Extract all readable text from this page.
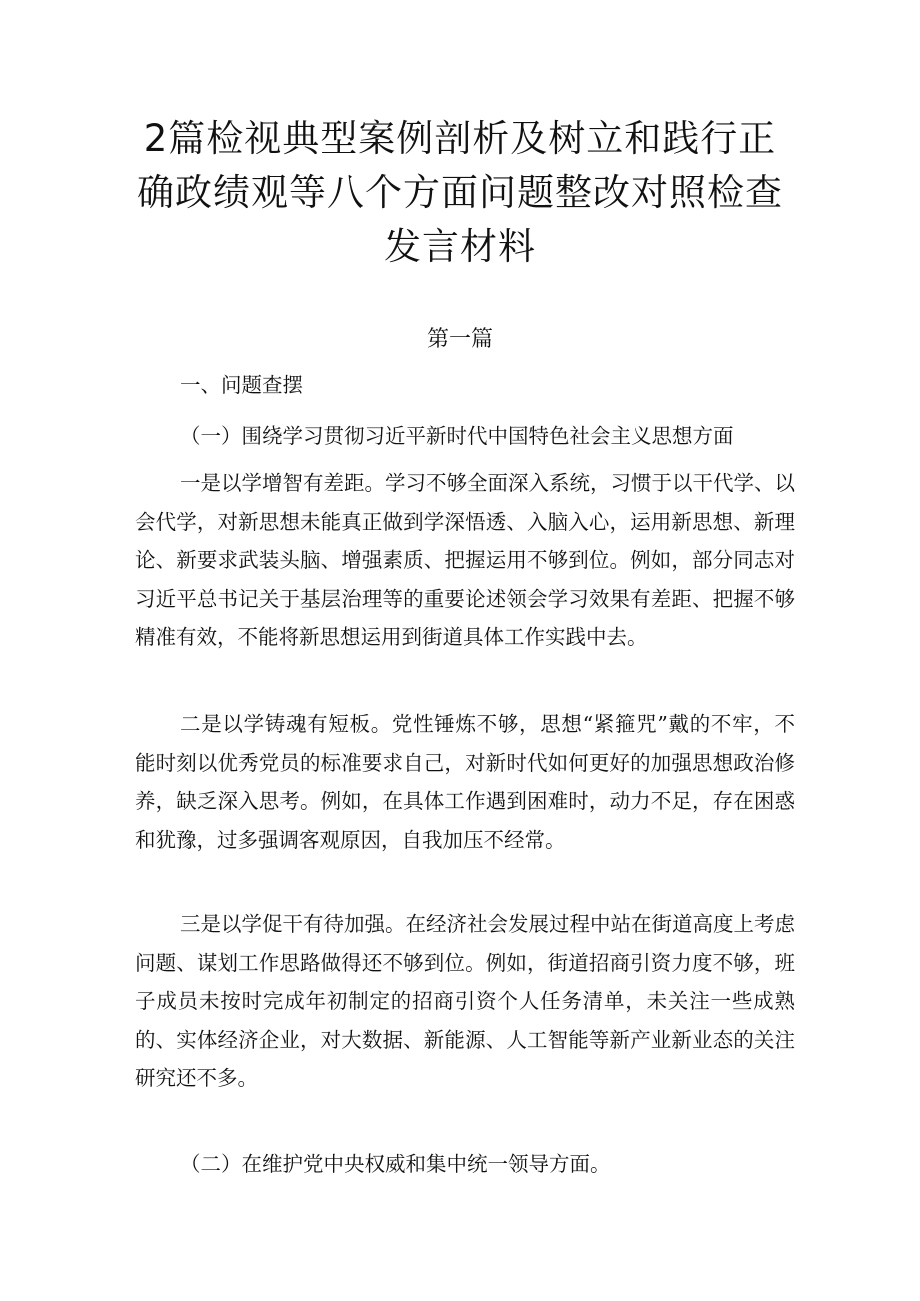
2篇检视典型案例剖析及树立和践行正
确政绩观等八个方面问题整改对照检查
发言材料
第一篇
一、问题查摆
（一）围绕学习贯彻习近平新时代中国特色社会主义思想方面
一是以学增智有差距。学习不够全面深入系统，习惯于以干代学、以会代学，对新思想未能真正做到学深悟透、入脑入心，运用新思想、新理论、新要求武装头脑、增强素质、把握运用不够到位。例如，部分同志对习近平总书记关于基层治理等的重要论述领会学习效果有差距、把握不够精准有效，不能将新思想运用到街道具体工作实践中去。
二是以学铸魂有短板。党性锤炼不够，思想“紧箍咒”戴的不牢，不能时刻以优秀党员的标准要求自己，对新时代如何更好的加强思想政治修养，缺乏深入思考。例如，在具体工作遇到困难时，动力不足，存在困惑和犹豫，过多强调客观原因，自我加压不经常。
三是以学促干有待加强。在经济社会发展过程中站在街道高度上考虑问题、谋划工作思路做得还不够到位。例如，街道招商引资力度不够，班子成员未按时完成年初制定的招商引资个人任务清单，未关注一些成熟的、实体经济企业，对大数据、新能源、人工智能等新产业新业态的关注研究还不多。
（二）在维护党中央权威和集中统一领导方面。
